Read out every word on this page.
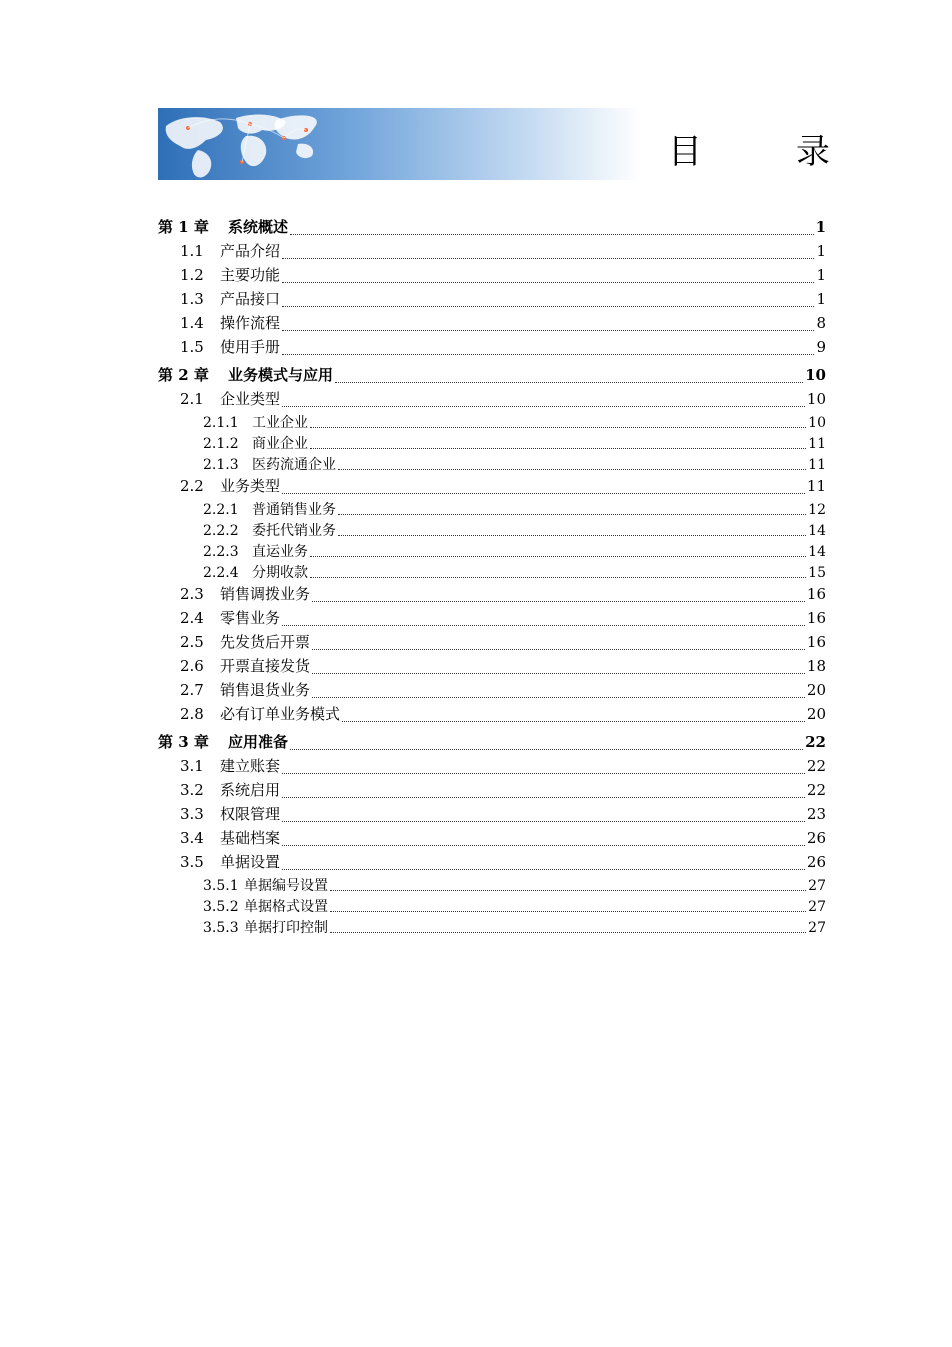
目　录
第 1 章	系统概述	1
1.1	产品介绍	1
1.2	主要功能	1
1.3	产品接口	1
1.4	操作流程	8
1.5	使用手册	9
第 2 章	业务模式与应用	10
2.1	企业类型	10
2.1.1 工业企业	10
2.1.2 商业企业	11
2.1.3 医药流通企业	11
2.2	业务类型	11
2.2.1 普通销售业务	12
2.2.2 委托代销业务	14
2.2.3 直运业务	14
2.2.4 分期收款	15
2.3	销售调拨业务	16
2.4	零售业务	16
2.5	先发货后开票	16
2.6	开票直接发货	18
2.7	销售退货业务	20
2.8	必有订单业务模式	20
第 3 章	应用准备	22
3.1	建立账套	22
3.2	系统启用	22
3.3	权限管理	23
3.4	基础档案	26
3.5	单据设置	26
3.5.1 单据编号设置	27
3.5.2 单据格式设置	27
3.5.3 单据打印控制	27
